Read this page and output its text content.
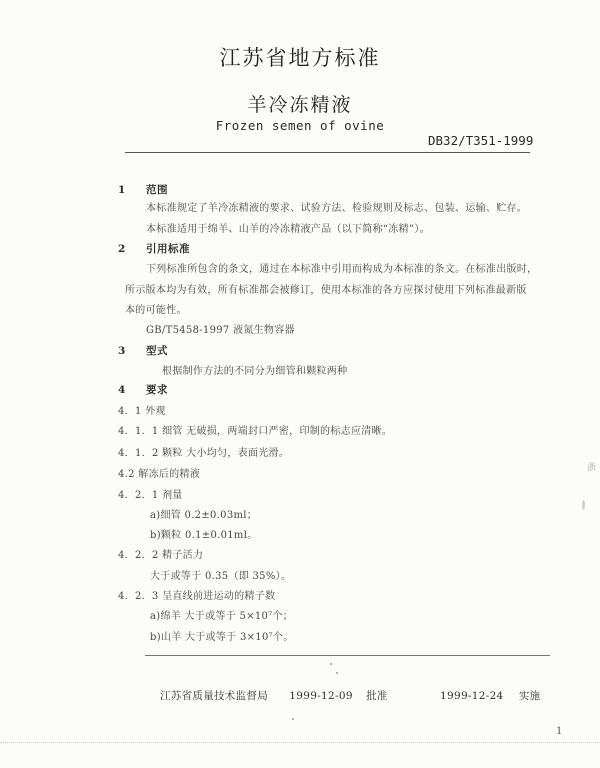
江苏省地方标准
羊冷冻精液
Frozen semen of ovine
DB32/T351-1999
1 范围
本标准规定了羊冷冻精液的要求、试验方法、检验规则及标志、包装、运输、贮存。
本标准适用于绵羊、山羊的冷冻精液产品（以下简称“冻精”）。
2 引用标准
下列标准所包含的条文，通过在本标准中引用而构成为本标准的条文。在标准出版时，
所示版本均为有效，所有标准都会被修订，使用本标准的各方应探讨使用下列标准最新版
本的可能性。
GB/T5458-1997 液氮生物容器
3 型式
根据制作方法的不同分为细管和颗粒两种
4 要求
4．1 外观
4．1．1 细管 无破损，两端封口严密，印制的标志应清晰。
4．1．2 颗粒 大小均匀，表面光滑。
4.2 解冻后的精液
4．2．1 剂量
a)细管 0.2±0.03ml；
b)颗粒 0.1±0.01ml。
4．2．2 精子活力
大于或等于 0.35（即 35%）。
4．2．3 呈直线前进运动的精子数
a)绵羊 大于或等于 5×10⁷个；
b)山羊 大于或等于 3×10⁷个。
江苏省质量技术监督局 1999-12-09 批准	1999-12-24 实施
1
浙
